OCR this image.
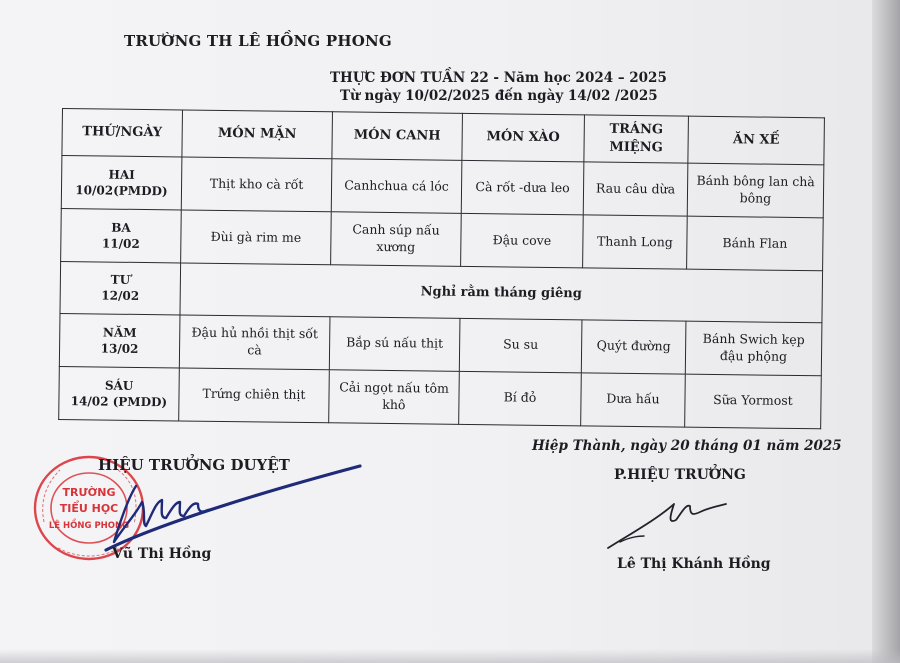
TRƯỜNG TH LÊ HỒNG PHONG
THỰC ĐƠN TUẦN 22 - Năm học 2024 – 2025
Từ ngày 10/02/2025 đến ngày 14/02 /2025
THỨ/NGÀY	MÓN MẶN	MÓN CANH	MÓN XÀO	TRÁNG MIỆNG	ĂN XẾ
HAI
10/02(PMDD)	Thịt kho cà rốt	Canhchua cá lóc	Cà rốt -dưa leo	Rau câu dừa	Bánh bông lan chà bông
BA
11/02	Đùi gà rim me	Canh súp nấu xương	Đậu cove	Thanh Long	Bánh Flan
TƯ
12/02	Nghỉ rằm tháng giêng				
NĂM
13/02	Đậu hủ nhồi thịt sốt cà	Bắp sú nấu thịt	Su su	Quýt đường	Bánh Swich kẹp đậu phộng
SÁU
14/02 (PMDD)	Trứng chiên thịt	Cải ngọt nấu tôm khô	Bí đỏ	Dưa hấu	Sữa Yormost
Hiệp Thành, ngày 20 tháng 01 năm 2025
TRƯỜNG
TIỂU HỌC
LÊ HỒNG PHONG
HIỆU TRƯỞNG DUYỆT
Vũ Thị Hồng
P.HIỆU TRƯỞNG
Lê Thị Khánh Hồng
